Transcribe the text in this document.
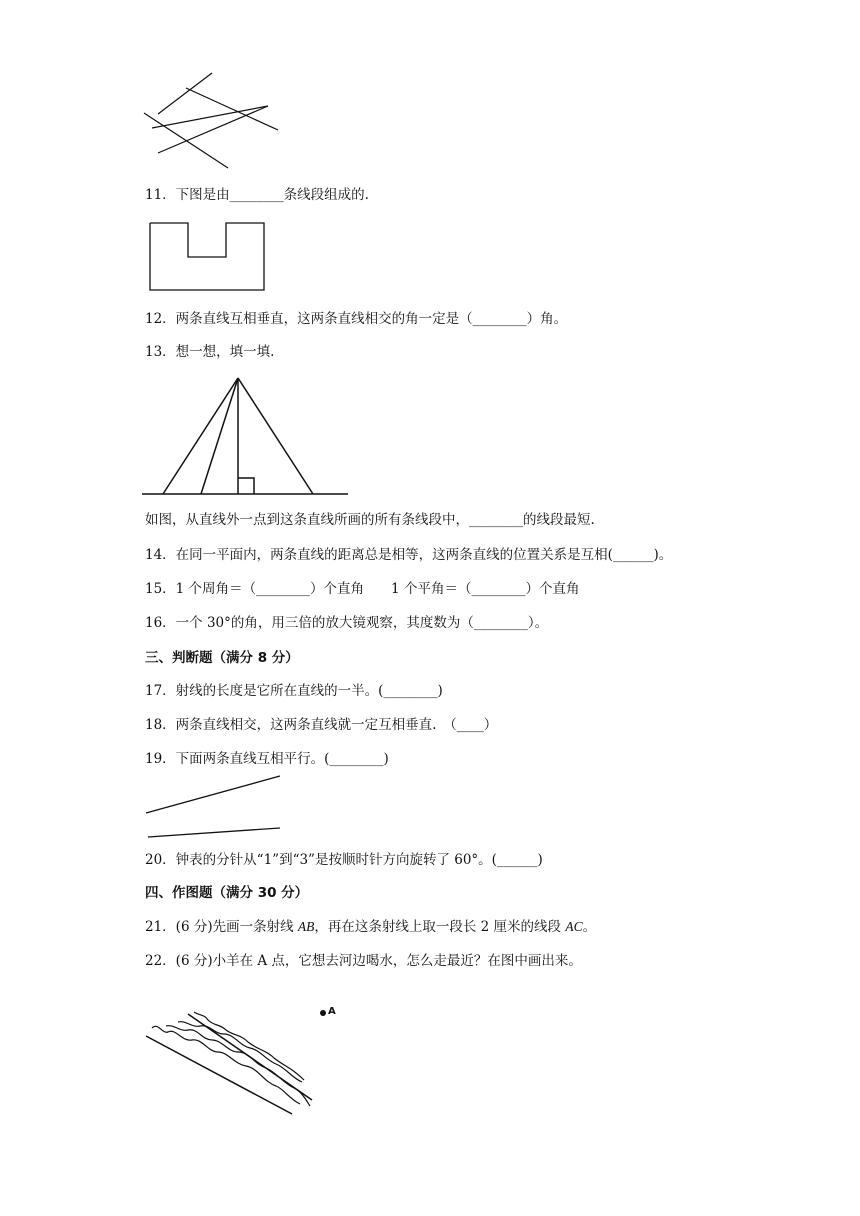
11．下图是由________条线段组成的.
12．两条直线互相垂直，这两条直线相交的角一定是（________）角。
13．想一想，填一填.
如图，从直线外一点到这条直线所画的所有条线段中，________的线段最短.
14．在同一平面内，两条直线的距离总是相等，这两条直线的位置关系是互相(______)。
15．1 个周角＝（________）个直角　　1 个平角＝（________）个直角
16．一个 30°的角，用三倍的放大镜观察，其度数为（________）。
三、判断题（满分 8 分）
17．射线的长度是它所在直线的一半。(________)
18．两条直线相交，这两条直线就一定互相垂直.　（____）
19．下面两条直线互相平行。(________)
20．钟表的分针从“1”到“3”是按顺时针方向旋转了 60°。(______)
四、作图题（满分 30 分）
21．(6 分)先画一条射线 AB，再在这条射线上取一段长 2 厘米的线段 AC。
22．(6 分)小羊在 A 点，它想去河边喝水，怎么走最近？在图中画出来。
A
